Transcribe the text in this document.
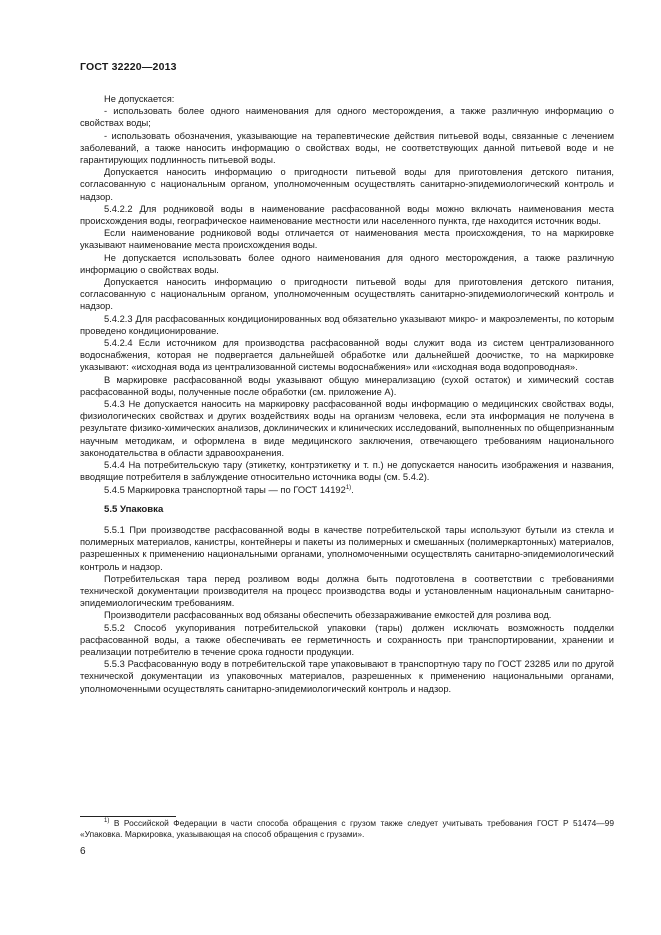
ГОСТ 32220—2013

Не допускается:

- использовать более одного наименования для одного месторождения, а также различную информацию о свойствах воды;

- использовать обозначения, указывающие на терапевтические действия питьевой воды, связанные с лечением заболеваний, а также наносить информацию о свойствах воды, не соответствующих данной питьевой воде и не гарантирующих подлинность питьевой воды.

Допускается наносить информацию о пригодности питьевой воды для приготовления детского питания, согласованную с национальным органом, уполномоченным осуществлять санитарно-эпидемиологический контроль и надзор.

5.4.2.2 Для родниковой воды в наименование расфасованной воды можно включать наименования места происхождения воды, географическое наименование местности или населенного пункта, где находится источник воды.

Если наименование родниковой воды отличается от наименования места происхождения, то на маркировке указывают наименование места происхождения воды.

Не допускается использовать более одного наименования для одного месторождения, а также различную информацию о свойствах воды.

Допускается наносить информацию о пригодности питьевой воды для приготовления детского питания, согласованную с национальным органом, уполномоченным осуществлять санитарно-эпидемиологический контроль и надзор.

5.4.2.3 Для расфасованных кондиционированных вод обязательно указывают микро- и макроэлементы, по которым проведено кондиционирование.

5.4.2.4 Если источником для производства расфасованной воды служит вода из систем централизованного водоснабжения, которая не подвергается дальнейшей обработке или дальнейшей доочистке, то на маркировке указывают: «исходная вода из централизованной системы водоснабжения» или «исходная вода водопроводная».

В маркировке расфасованной воды указывают общую минерализацию (сухой остаток) и химический состав расфасованной воды, полученные после обработки (см. приложение А).

5.4.3 Не допускается наносить на маркировку расфасованной воды информацию о медицинских свойствах воды, физиологических свойствах и других воздействиях воды на организм человека, если эта информация не получена в результате физико-химических анализов, доклинических и клинических исследований, выполненных по общепризнанным научным методикам, и оформлена в виде медицинского заключения, отвечающего требованиям национального законодательства в области здравоохранения.

5.4.4 На потребительскую тару (этикетку, контрэтикетку и т. п.) не допускается наносить изображения и названия, вводящие потребителя в заблуждение относительно источника воды (см. 5.4.2).

5.4.5 Маркировка транспортной тары — по ГОСТ 14192$^{1)}$.

5.5 Упаковка

5.5.1 При производстве расфасованной воды в качестве потребительской тары используют бутыли из стекла и полимерных материалов, канистры, контейнеры и пакеты из полимерных и смешанных (полимеркартонных) материалов, разрешенных к применению национальными органами, уполномоченными осуществлять санитарно-эпидемиологический контроль и надзор.

Потребительская тара перед розливом воды должна быть подготовлена в соответствии с требованиями технической документации производителя на процесс производства воды и установленным национальным санитарно-эпидемиологическим требованиям.

Производители расфасованных вод обязаны обеспечить обеззараживание емкостей для розлива вод.

5.5.2 Способ укупоривания потребительской упаковки (тары) должен исключать возможность подделки расфасованной воды, а также обеспечивать ее герметичность и сохранность при транспортировании, хранении и реализации потребителю в течение срока годности продукции.

5.5.3 Расфасованную воду в потребительской таре упаковывают в транспортную тару по ГОСТ 23285 или по другой технической документации из упаковочных материалов, разрешенных к применению национальными органами, уполномоченными осуществлять санитарно-эпидемиологический контроль и надзор.

$^{1)}$ В Российской Федерации в части способа обращения с грузом также следует учитывать требования ГОСТ Р 51474—99 «Упаковка. Маркировка, указывающая на способ обращения с грузами».

6
